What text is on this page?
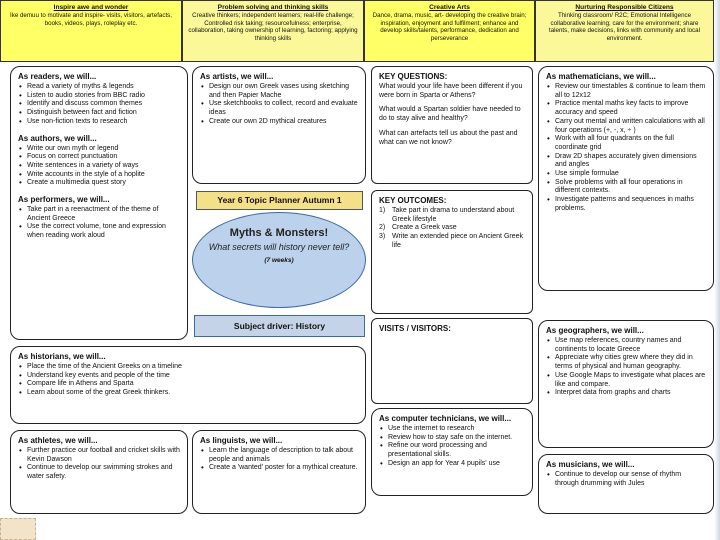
Inspire awe and wonder
Ike demuu to motivate and inspire- visits, visitors, artefacts, books, videos, plays, roleplay etc.
Problem solving and thinking skills
Creative thinkers; independent learners; real-life challenge; Controlled risk taking; resourcefulness; enterprise, collaboration, taking ownership of learning, factoring; applying thinking skills
Creative Arts
Dance, drama, music, art- developing the creative brain; inspiration, enjoyment and fulfilment; enhance and develop skills/talents, performance, dedication and perseverance
Nurturing Responsible Citizens
Thinking classroom/ R2C; Emotional Intelligence collaborative learning; care for the environment; share talents, make decisions, links with community and local environment.
As readers, we will...
• Read a variety of myths & legends
• Listen to audio stories from BBC radio
• Identify and discuss common themes
• Distinguish between fact and fiction
• Use non-fiction texts to research
As authors, we will...
• Write our own myth or legend
• Focus on correct punctuation
• Write sentences in a variety of ways
• Write accounts in the style of a hoplite
• Create a multimedia quest story
As performers, we will...
• Take part in a reenactment of the theme of Ancient Greece
• Use the correct volume, tone and expression when reading work aloud
As artists, we will...
• Design our own Greek vases using sketching and then Papier Mache
• Use sketchbooks to collect, record and evaluate ideas
• Create our own 2D mythical creatures
KEY QUESTIONS:

What would your life have been different if you were born in Sparta or Athens?

What would a Spartan soldier have needed to do to stay alive and healthy?

What can artefacts tell us about the past and what can we not know?

As mathematicians, we will...
• Review our timestables & continue to learn them all to 12x12
• Practice mental maths key facts to improve accuracy and speed
• Carry out mental and written calculations with all four operations (+, -, x, ÷ )
• Work with all four quadrants on the full coordinate grid
• Draw 2D shapes accurately given dimensions and angles
• Use simple formulae
• Solve problems with all four operations in different contexts.
• Investigate patterns and sequences in maths problems.
Year 6 Topic Planner Autumn 1
Myths & Monsters!
What secrets will history never tell?
(7 weeks)
Subject driver: History
KEY OUTCOMES:
1) Take part in drama to understand about Greek lifestyle
2) Create a Greek vase
3) Write an extended piece on Ancient Greek life
VISITS / VISITORS:	As geographers, we will...
• Use map references, country names and continents to locate Greece
• Appreciate why cities grew where they did in terms of physical and human geography.
• Use Google Maps to investigate what places are like and compare.
• Interpret data from graphs and charts
As historians, we will...
• Place the time of the Ancient Greeks on a timeline
• Understand key events and people of the time
• Compare life in Athens and Sparta
• Learn about some of the great Greek thinkers.
As computer technicians, we will...
• Use the internet to research
• Review how to stay safe on the internet.
• Refine our word processing and presentational skills.
• Design an app for Year 4 pupils' use
As athletes, we will...
• Further practice our football and cricket skills with Kevin Dawson
• Continue to develop our swimming strokes and water safety.
As linguists, we will...
• Learn the language of description to talk about people and animals
• Create a 'wanted' poster for a mythical creature.	As musicians, we will...
• Continue to develop our sense of rhythm through drumming with Jules
